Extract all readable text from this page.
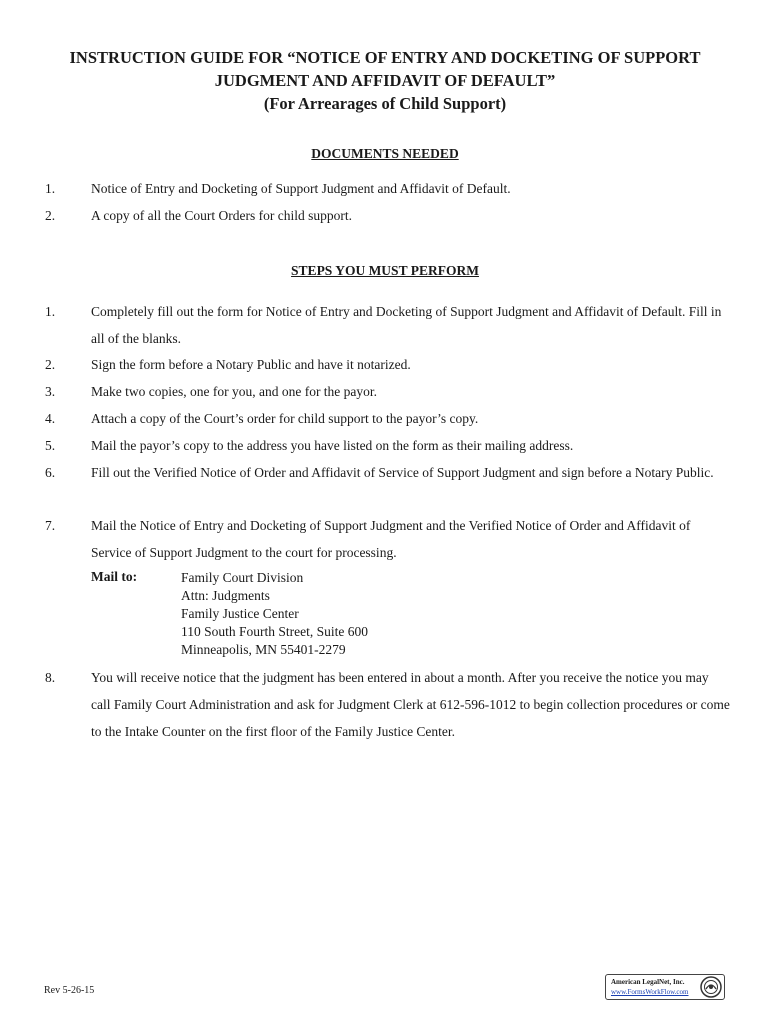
INSTRUCTION GUIDE FOR “NOTICE OF ENTRY AND DOCKETING OF SUPPORT
JUDGMENT AND AFFIDAVIT OF DEFAULT”
(For Arrearages of Child Support)
DOCUMENTS NEEDED
1.	Notice of Entry and Docketing of Support Judgment and Affidavit of Default.
2.	A copy of all the Court Orders for child support.
STEPS YOU MUST PERFORM
1.	Completely fill out the form for Notice of Entry and Docketing of Support Judgment and Affidavit of Default. Fill in all of the blanks.
2.	Sign the form before a Notary Public and have it notarized.
3.	Make two copies, one for you, and one for the payor.
4.	Attach a copy of the Court’s order for child support to the payor’s copy.
5.	Mail the payor’s copy to the address you have listed on the form as their mailing address.
6.	Fill out the Verified Notice of Order and Affidavit of Service of Support Judgment and sign before a Notary Public.
7.	Mail the Notice of Entry and Docketing of Support Judgment and the Verified Notice of Order and Affidavit of Service of Support Judgment to the court for processing.
Mail to:	Family Court Division
Attn: Judgments
Family Justice Center
110 South Fourth Street, Suite 600
Minneapolis, MN 55401-2279
8.	You will receive notice that the judgment has been entered in about a month. After you receive the notice you may call Family Court Administration and ask for Judgment Clerk at 612-596-1012 to begin collection procedures or come to the Intake Counter on the first floor of the Family Justice Center.
Rev 5-26-15
American LegalNet, Inc.
www.FormsWorkFlow.com
